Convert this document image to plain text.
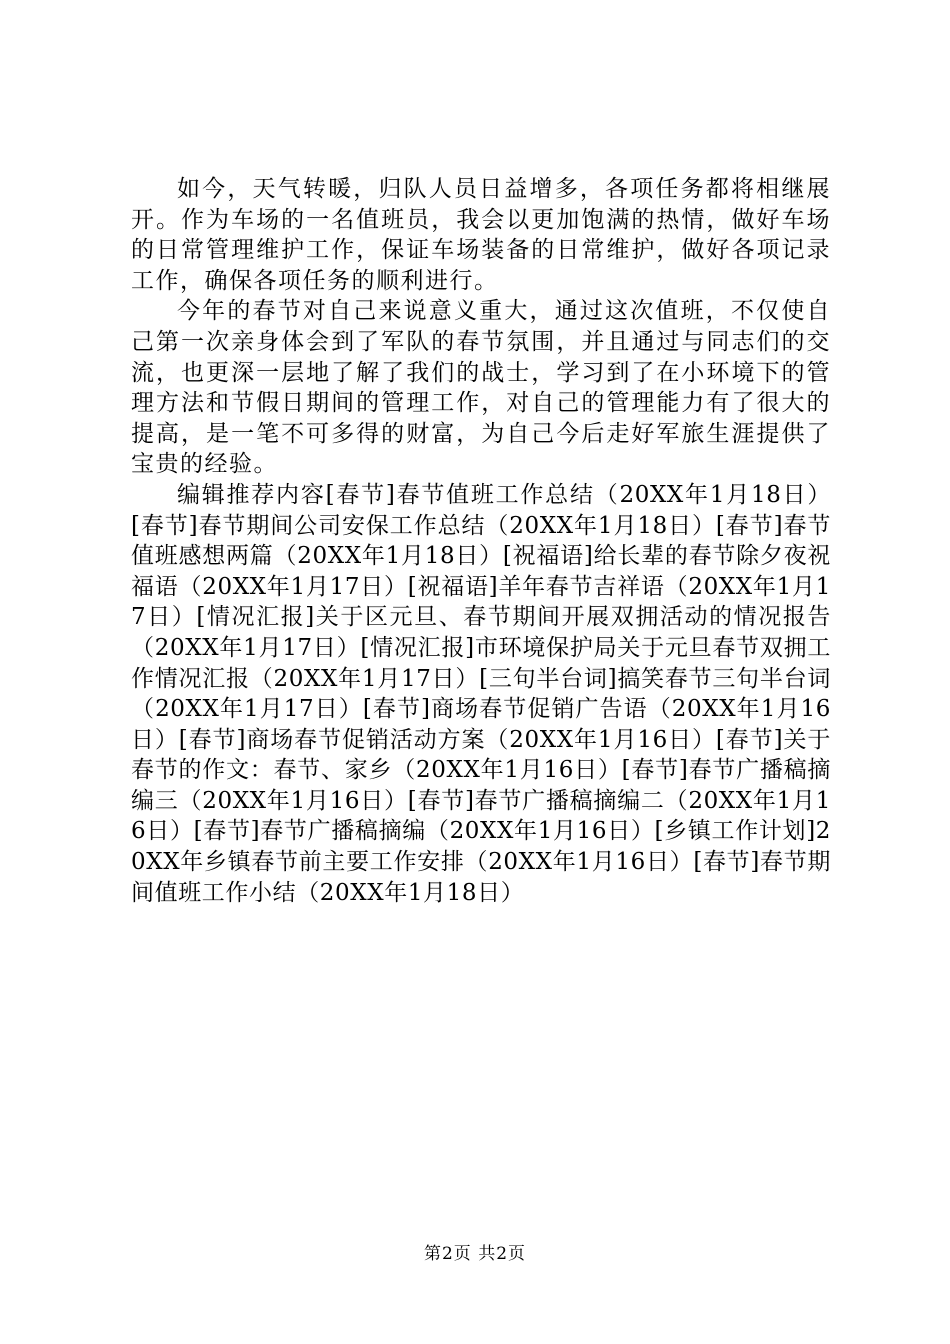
如今，天气转暖，归队人员日益增多，各项任务都将相继展开。作为车场的一名值班员，我会以更加饱满的热情，做好车场的日常管理维护工作，保证车场装备的日常维护，做好各项记录工作，确保各项任务的顺利进行。

今年的春节对自己来说意义重大，通过这次值班，不仅使自己第一次亲身体会到了军队的春节氛围，并且通过与同志们的交流，也更深一层地了解了我们的战士，学习到了在小环境下的管理方法和节假日期间的管理工作，对自己的管理能力有了很大的提高，是一笔不可多得的财富，为自己今后走好军旅生涯提供了宝贵的经验。

编辑推荐内容[春节]春节值班工作总结（20XX年1月18日）[春节]春节期间公司安保工作总结（20XX年1月18日）[春节]春节值班感想两篇（20XX年1月18日）[祝福语]给长辈的春节除夕夜祝福语（20XX年1月17日）[祝福语]羊年春节吉祥语（20XX年1月17日）[情况汇报]关于区元旦、春节期间开展双拥活动的情况报告（20XX年1月17日）[情况汇报]市环境保护局关于元旦春节双拥工作情况汇报（20XX年1月17日）[三句半台词]搞笑春节三句半台词（20XX年1月17日）[春节]商场春节促销广告语（20XX年1月16日）[春节]商场春节促销活动方案（20XX年1月16日）[春节]关于春节的作文：春节、家乡（20XX年1月16日）[春节]春节广播稿摘编三（20XX年1月16日）[春节]春节广播稿摘编二（20XX年1月16日）[春节]春节广播稿摘编（20XX年1月16日）[乡镇工作计划]20XX年乡镇春节前主要工作安排（20XX年1月16日）[春节]春节期间值班工作小结（20XX年1月18日）

第2页 共2页
